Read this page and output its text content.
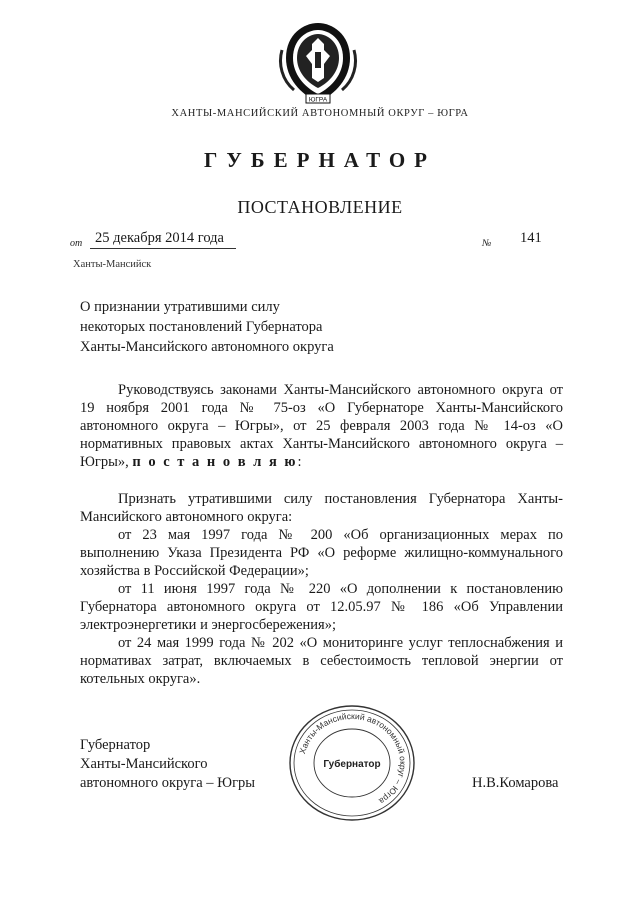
ЮГРА
ХАНТЫ-МАНСИЙСКИЙ АВТОНОМНЫЙ ОКРУГ – ЮГРА
ГУБЕРНАТОР
ПОСТАНОВЛЕНИЕ
от 25 декабря 2014 года	№ 141
Ханты-Мансийск
О признании утратившими силу
некоторых постановлений Губернатора
Ханты-Мансийского автономного округа

Руководствуясь законами Ханты-Мансийского автономного округа от 19 ноября 2001 года № 75-оз «О Губернаторе Ханты-Мансийского автономного округа – Югры», от 25 февраля 2003 года № 14-оз «О нормативных правовых актах Ханты-Мансийского автономного округа – Югры», п о с т а н о в л я ю:

Признать утратившими силу постановления Губернатора Ханты-Мансийского автономного округа:

от 23 мая 1997 года № 200 «Об организационных мерах по выполнению Указа Президента РФ «О реформе жилищно-коммунального хозяйства в Российской Федерации»;

от 11 июня 1997 года № 220 «О дополнении к постановлению Губернатора автономного округа от 12.05.97 № 186 «Об Управлении электроэнергетики и энергосбережения»;

от 24 мая 1999 года № 202 «О мониторинге услуг теплоснабжения и нормативах затрат, включаемых в себестоимость тепловой энергии от котельных округа».

Губернатор
Ханты-Мансийского
автономного округа – Югры
Ханты-Мансийский автономный округ – Югра
Губернатор
Н.В.Комарова
